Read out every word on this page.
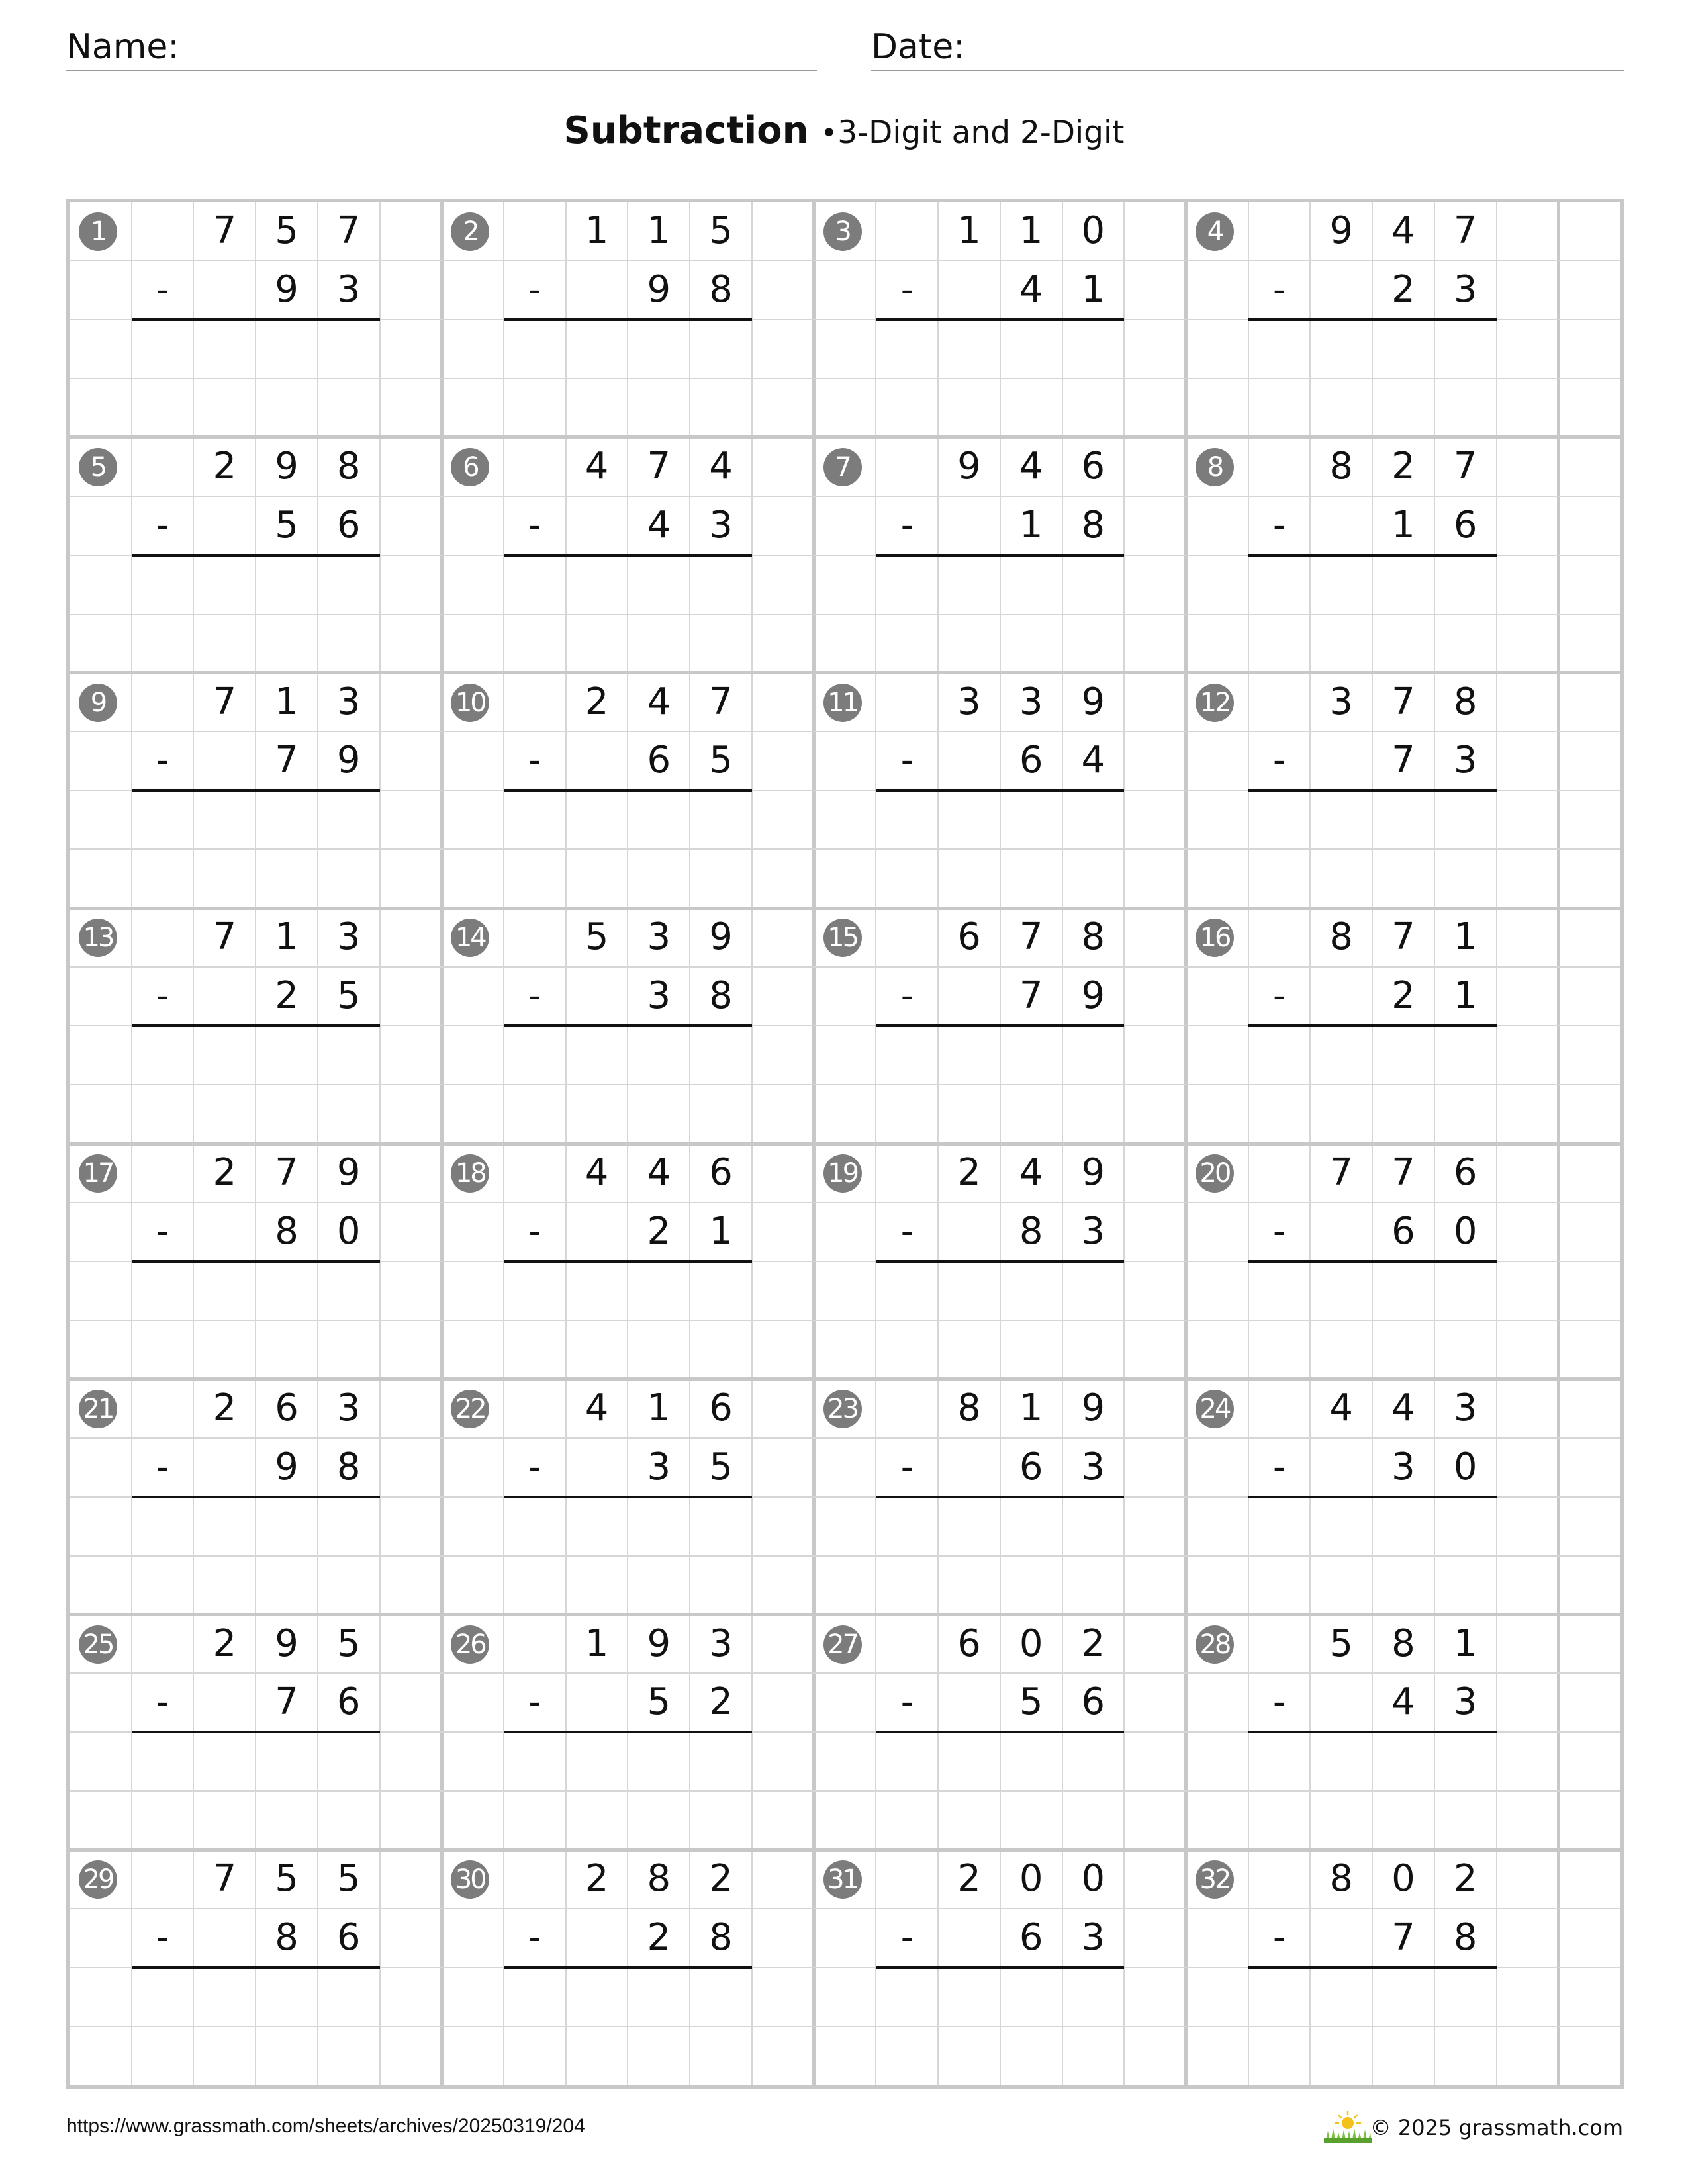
Name:	Date:
Subtraction •3-Digit and 2-Digit
1	7	5	7
-	9	3
2	1	1	5
-	9	8
3	1	1	0
-	4	1
4	9	4	7
-	2	3
5	2	9	8
-	5	6
6	4	7	4
-	4	3
7	9	4	6
-	1	8
8	8	2	7
-	1	6
9	7	1	3
-	7	9
10	2	4	7
-	6	5
11	3	3	9
-	6	4
12	3	7	8
-	7	3
13	7	1	3
-	2	5
14	5	3	9
-	3	8
15	6	7	8
-	7	9
16	8	7	1
-	2	1
17	2	7	9
-	8	0
18	4	4	6
-	2	1
19	2	4	9
-	8	3
20	7	7	6
-	6	0
21	2	6	3
-	9	8
22	4	1	6
-	3	5
23	8	1	9
-	6	3
24	4	4	3
-	3	0
25	2	9	5
-	7	6
26	1	9	3
-	5	2
27	6	0	2
-	5	6
28	5	8	1
-	4	3
29	7	5	5
-	8	6
30	2	8	2
-	2	8
31	2	0	0
-	6	3
32	8	0	2
-	7	8
https://www.grassmath.com/sheets/archives/20250319/204	© 2025 grassmath.com
